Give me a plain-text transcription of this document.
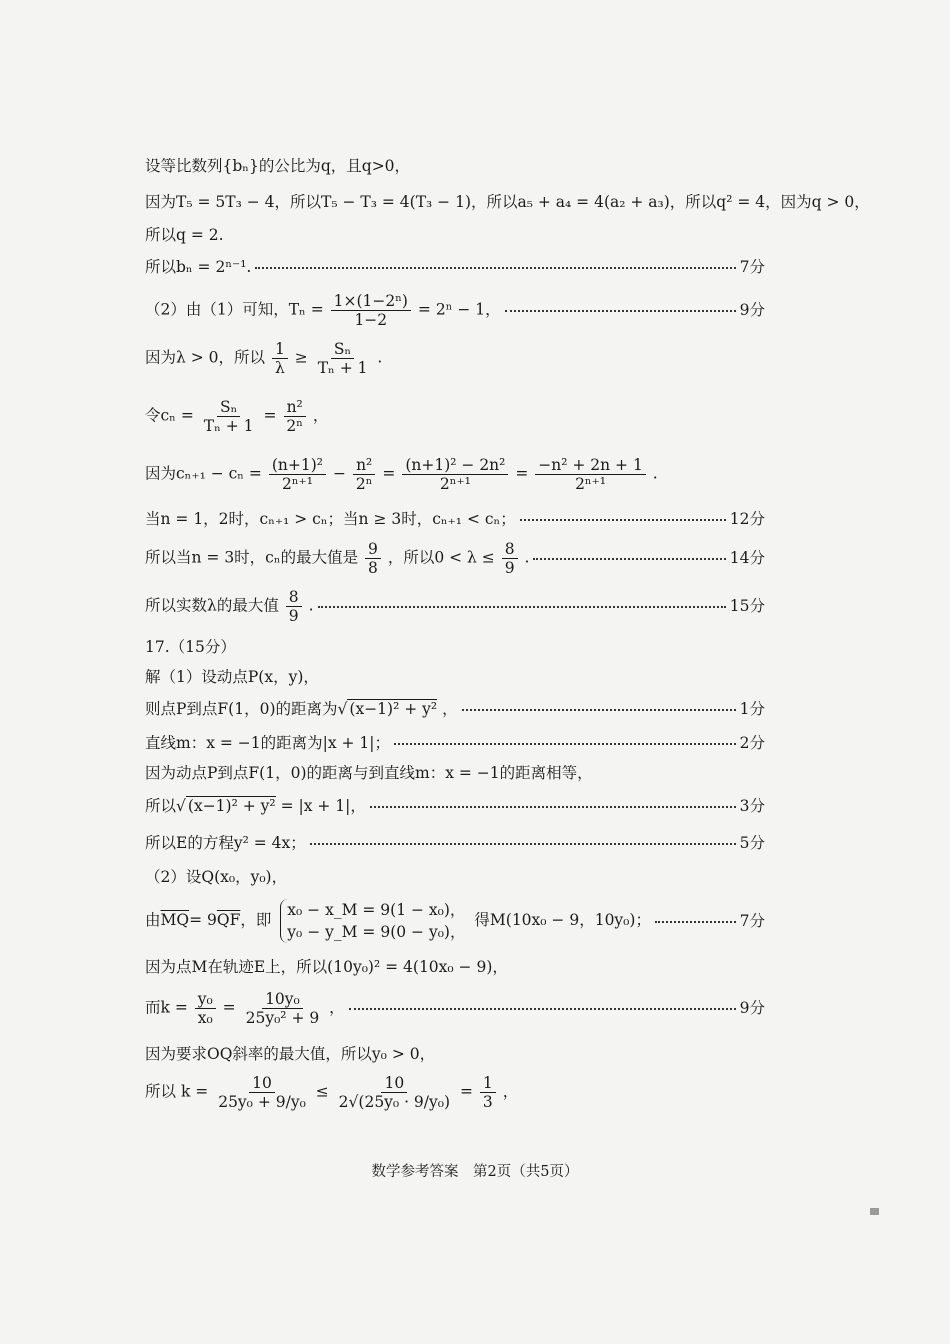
设等比数列{bₙ}的公比为q，且q>0，
因为T₅ = 5T₃ − 4，所以T₅ − T₃ = 4(T₃ − 1)，所以a₅ + a₄ = 4(a₂ + a₃)，所以q² = 4，因为q > 0，
所以q = 2.
所以bₙ = 2ⁿ⁻¹.	7分
（2）由（1）可知，$T_n = \frac{\text{1×(1−2ⁿ)}}{1-2} = 2^n - 1$，	9分
因为λ > 0，所以 $\frac{1}{\lambda} \ge \frac{\text{Sₙ}}{\text{Tₙ + 1}}$ .
令$c_n = \frac{\text{Sₙ}}{\text{Tₙ + 1}} = \frac{\text{n²}}{\text{2ⁿ}}$ ，
因为$c_{n+1} - c_n = \frac{\text{(n+1)²}}{\text{2ⁿ⁺¹}} - \frac{\text{n²}}{\text{2ⁿ}} = \frac{\text{(n+1)² − 2n²}}{\text{2ⁿ⁺¹}} = \frac{\text{−n² + 2n + 1}}{\text{2ⁿ⁺¹}}$ .
当n = 1，2时，cₙ₊₁ > cₙ；当n ≥ 3时，cₙ₊₁ < cₙ；	12分
所以当n = 3时，cₙ的最大值是 $\frac{9}{8}$ ，所以$0 < \lambda \le \frac{8}{9}$ .	14分
所以实数λ的最大值 $\frac{8}{9}$ .	15分
17.（15分）
解（1）设动点P(x，y)，
则点P到点F(1，0)的距离为√ (x−1)² + y² ，	1分
直线m：x = −1的距离为|x + 1|；	2分
因为动点P到点F(1，0)的距离与到直线m：x = −1的距离相等，
所以√ (x−1)² + y² = |x + 1|，	3分
所以E的方程y² = 4x；	5分
（2）设Q(x₀，y₀)，
由$\overline{MQ}= 9\overline{QF}$，即
x₀ − x_M = 9(1 − x₀)，
y₀ − y_M = 9(0 − y₀)，
得M(10x₀ − 9，10y₀)；	7分
因为点M在轨迹E上，所以(10y₀)² = 4(10x₀ − 9)，
而$k = \frac{\text{y₀}}{\text{x₀}} = \frac{\text{10y₀}}{\text{25y₀² + 9}}$ ，	9分
因为要求OQ斜率的最大值，所以y₀ > 0，
所以 $k = \frac{10}{\text{25y₀ + 9/y₀}} \le \frac{10}{\text{2√(25y₀ · 9/y₀)}} = \frac{1}{3}$ ，
数学参考答案　第2页（共5页）
